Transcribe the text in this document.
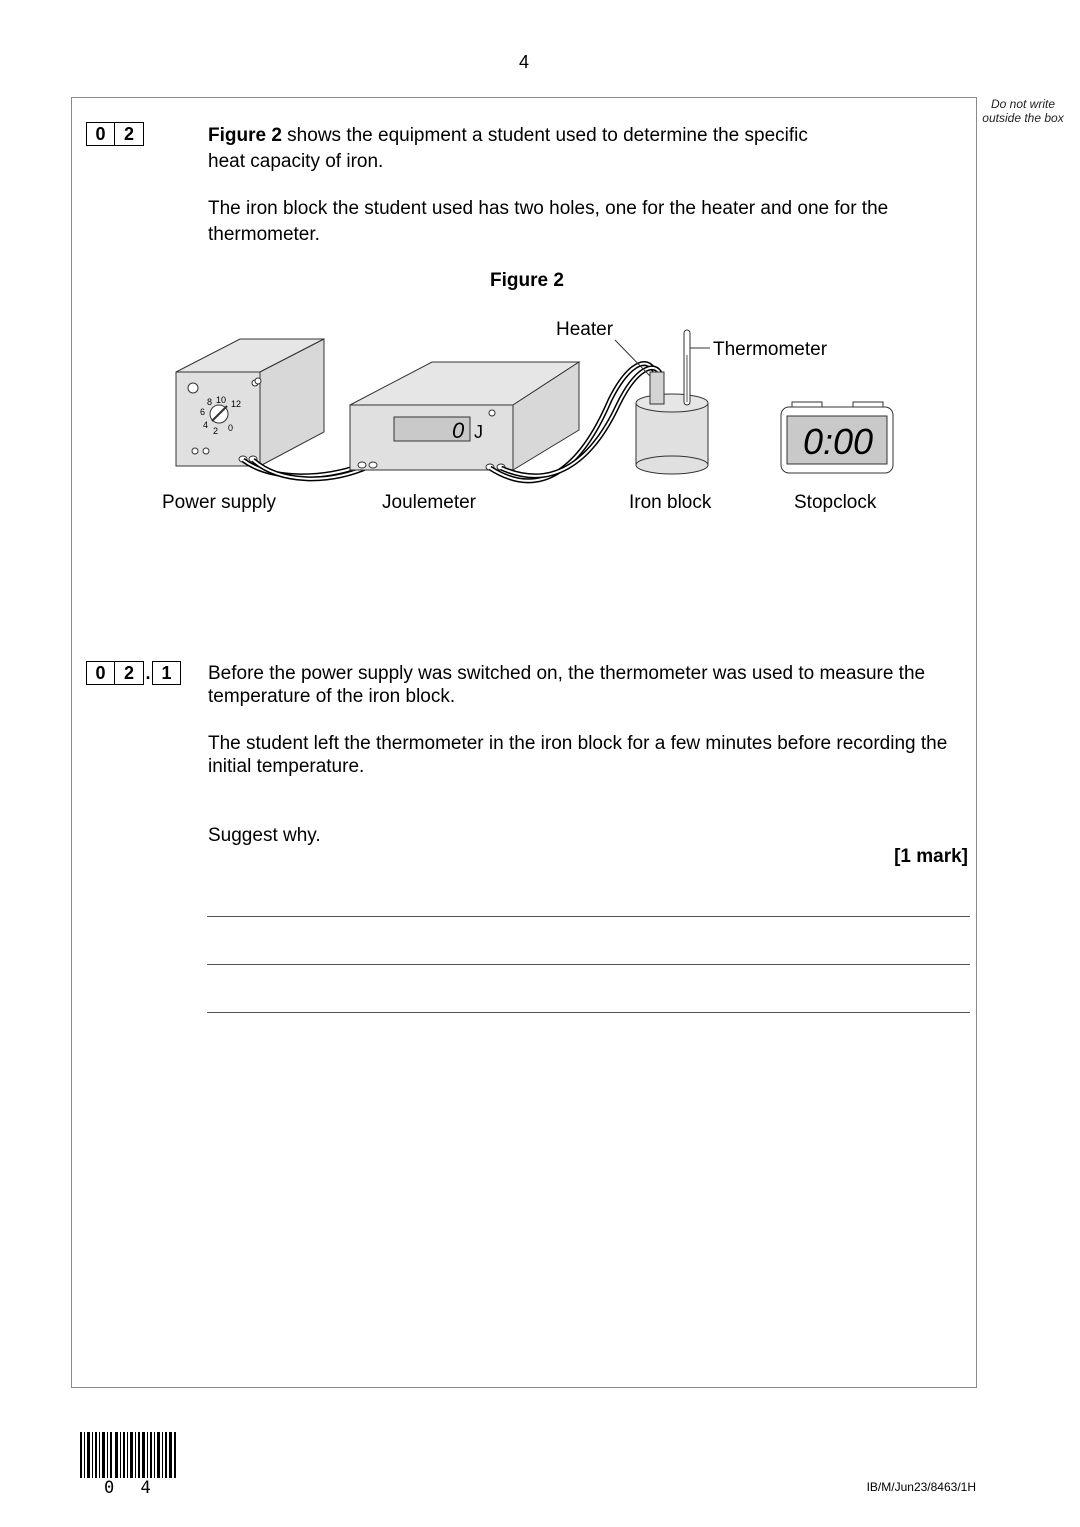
4
Do not write outside the box
0	2	Figure 2 shows the equipment a student used to determine the specific heat capacity of iron.
The iron block the student used has two holes, one for the heater and one for the thermometer.
Figure 2
8 10 12
6
4
2 0	0 J	0:00
Heater
Thermometer
Power supply	Joulemeter	Iron block	Stopclock
0	2 . 1	Before the power supply was switched on, the thermometer was used to measure the temperature of the iron block.
The student left the thermometer in the iron block for a few minutes before recording the initial temperature.
Suggest why.
[1 mark]
0 4	IB/M/Jun23/8463/1H
